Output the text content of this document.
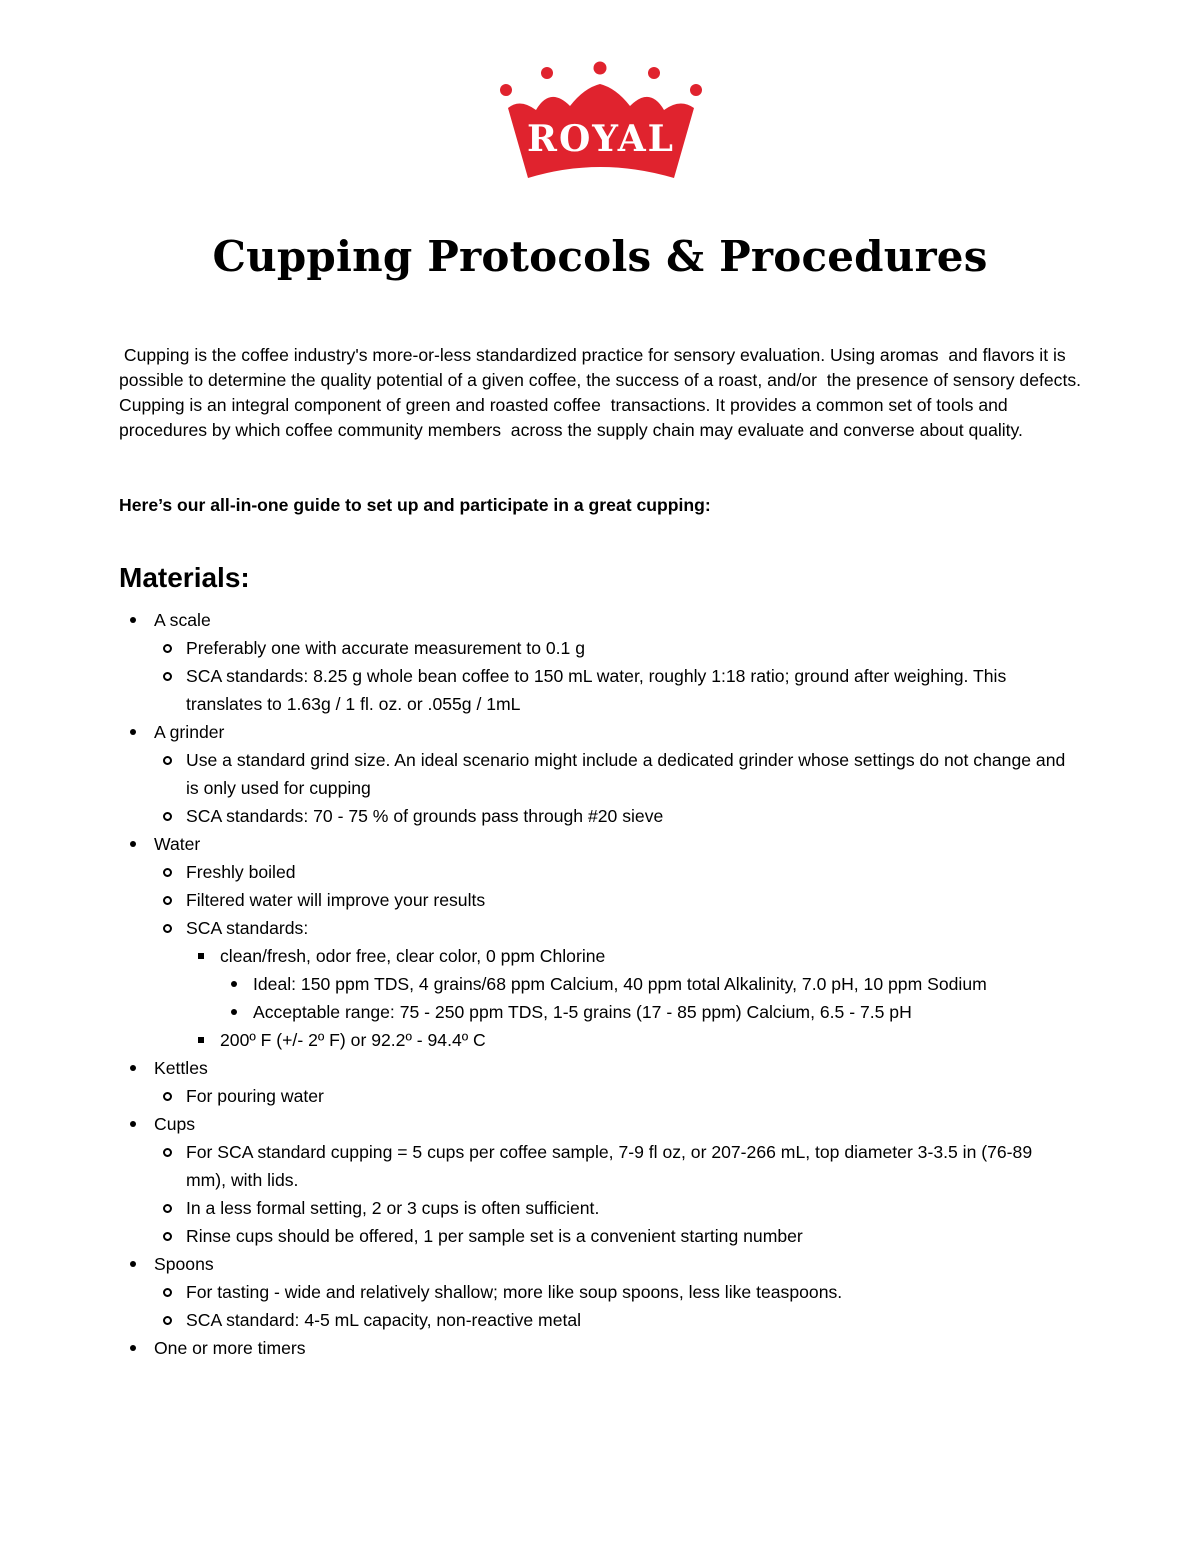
ROYAL
Cupping Protocols & Procedures

Cupping is the coffee industry's more-or-less standardized practice for sensory evaluation. Using aromas  and flavors it is possible to determine the quality potential of a given coffee, the success of a roast, and/or  the presence of sensory defects. Cupping is an integral component of green and roasted coffee  transactions. It provides a common set of tools and procedures by which coffee community members  across the supply chain may evaluate and converse about quality.

Here’s our all-in-one guide to set up and participate in a great cupping:

Materials:
A scale
Preferably one with accurate measurement to 0.1 g
SCA standards: 8.25 g whole bean coffee to 150 mL water, roughly 1:18 ratio; ground after weighing. This translates to 1.63g / 1 fl. oz. or .055g / 1mL
A grinder
Use a standard grind size. An ideal scenario might include a dedicated grinder whose settings do not change and is only used for cupping
SCA standards: 70 - 75 % of grounds pass through #20 sieve
Water
Freshly boiled
Filtered water will improve your results
SCA standards:
clean/fresh, odor free, clear color, 0 ppm Chlorine
Ideal: 150 ppm TDS, 4 grains/68 ppm Calcium, 40 ppm total Alkalinity, 7.0 pH, 10 ppm Sodium
Acceptable range: 75 - 250 ppm TDS, 1-5 grains (17 - 85 ppm) Calcium, 6.5 - 7.5 pH
200º F (+/- 2º F) or 92.2º - 94.4º C
Kettles
For pouring water
Cups
For SCA standard cupping = 5 cups per coffee sample, 7-9 fl oz, or 207-266 mL, top diameter 3-3.5 in (76-89 mm), with lids.
In a less formal setting, 2 or 3 cups is often sufficient.
Rinse cups should be offered, 1 per sample set is a convenient starting number
Spoons
For tasting - wide and relatively shallow; more like soup spoons, less like teaspoons.
SCA standard: 4-5 mL capacity, non-reactive metal
One or more timers
